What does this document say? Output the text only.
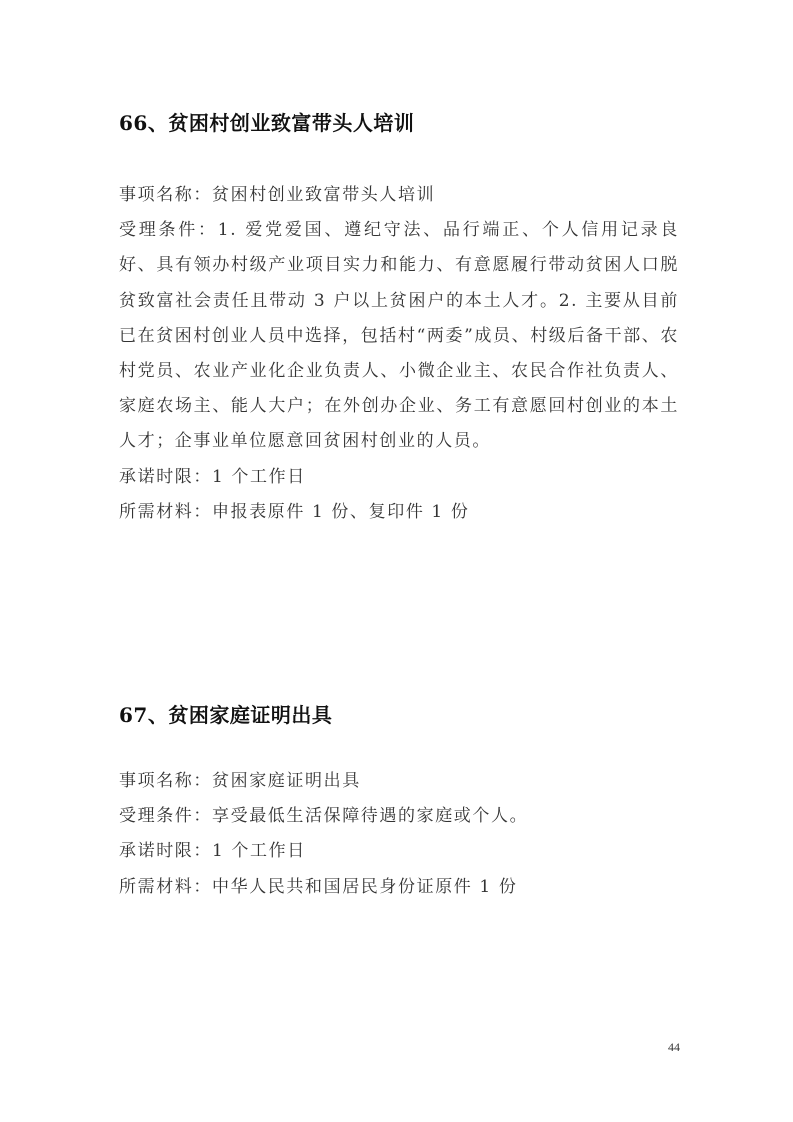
66、贫困村创业致富带头人培训

事项名称：贫困村创业致富带头人培训

受理条件：1. 爱党爱国、遵纪守法、品行端正、个人信用记录良好、具有领办村级产业项目实力和能力、有意愿履行带动贫困人口脱贫致富社会责任且带动 3 户以上贫困户的本土人才。2. 主要从目前已在贫困村创业人员中选择，包括村“两委”成员、村级后备干部、农村党员、农业产业化企业负责人、小微企业主、农民合作社负责人、家庭农场主、能人大户；在外创办企业、务工有意愿回村创业的本土人才；企事业单位愿意回贫困村创业的人员。

承诺时限：1 个工作日

所需材料：申报表原件 1 份、复印件 1 份

67、贫困家庭证明出具

事项名称：贫困家庭证明出具

受理条件：享受最低生活保障待遇的家庭或个人。

承诺时限：1 个工作日

所需材料：中华人民共和国居民身份证原件 1 份

44
